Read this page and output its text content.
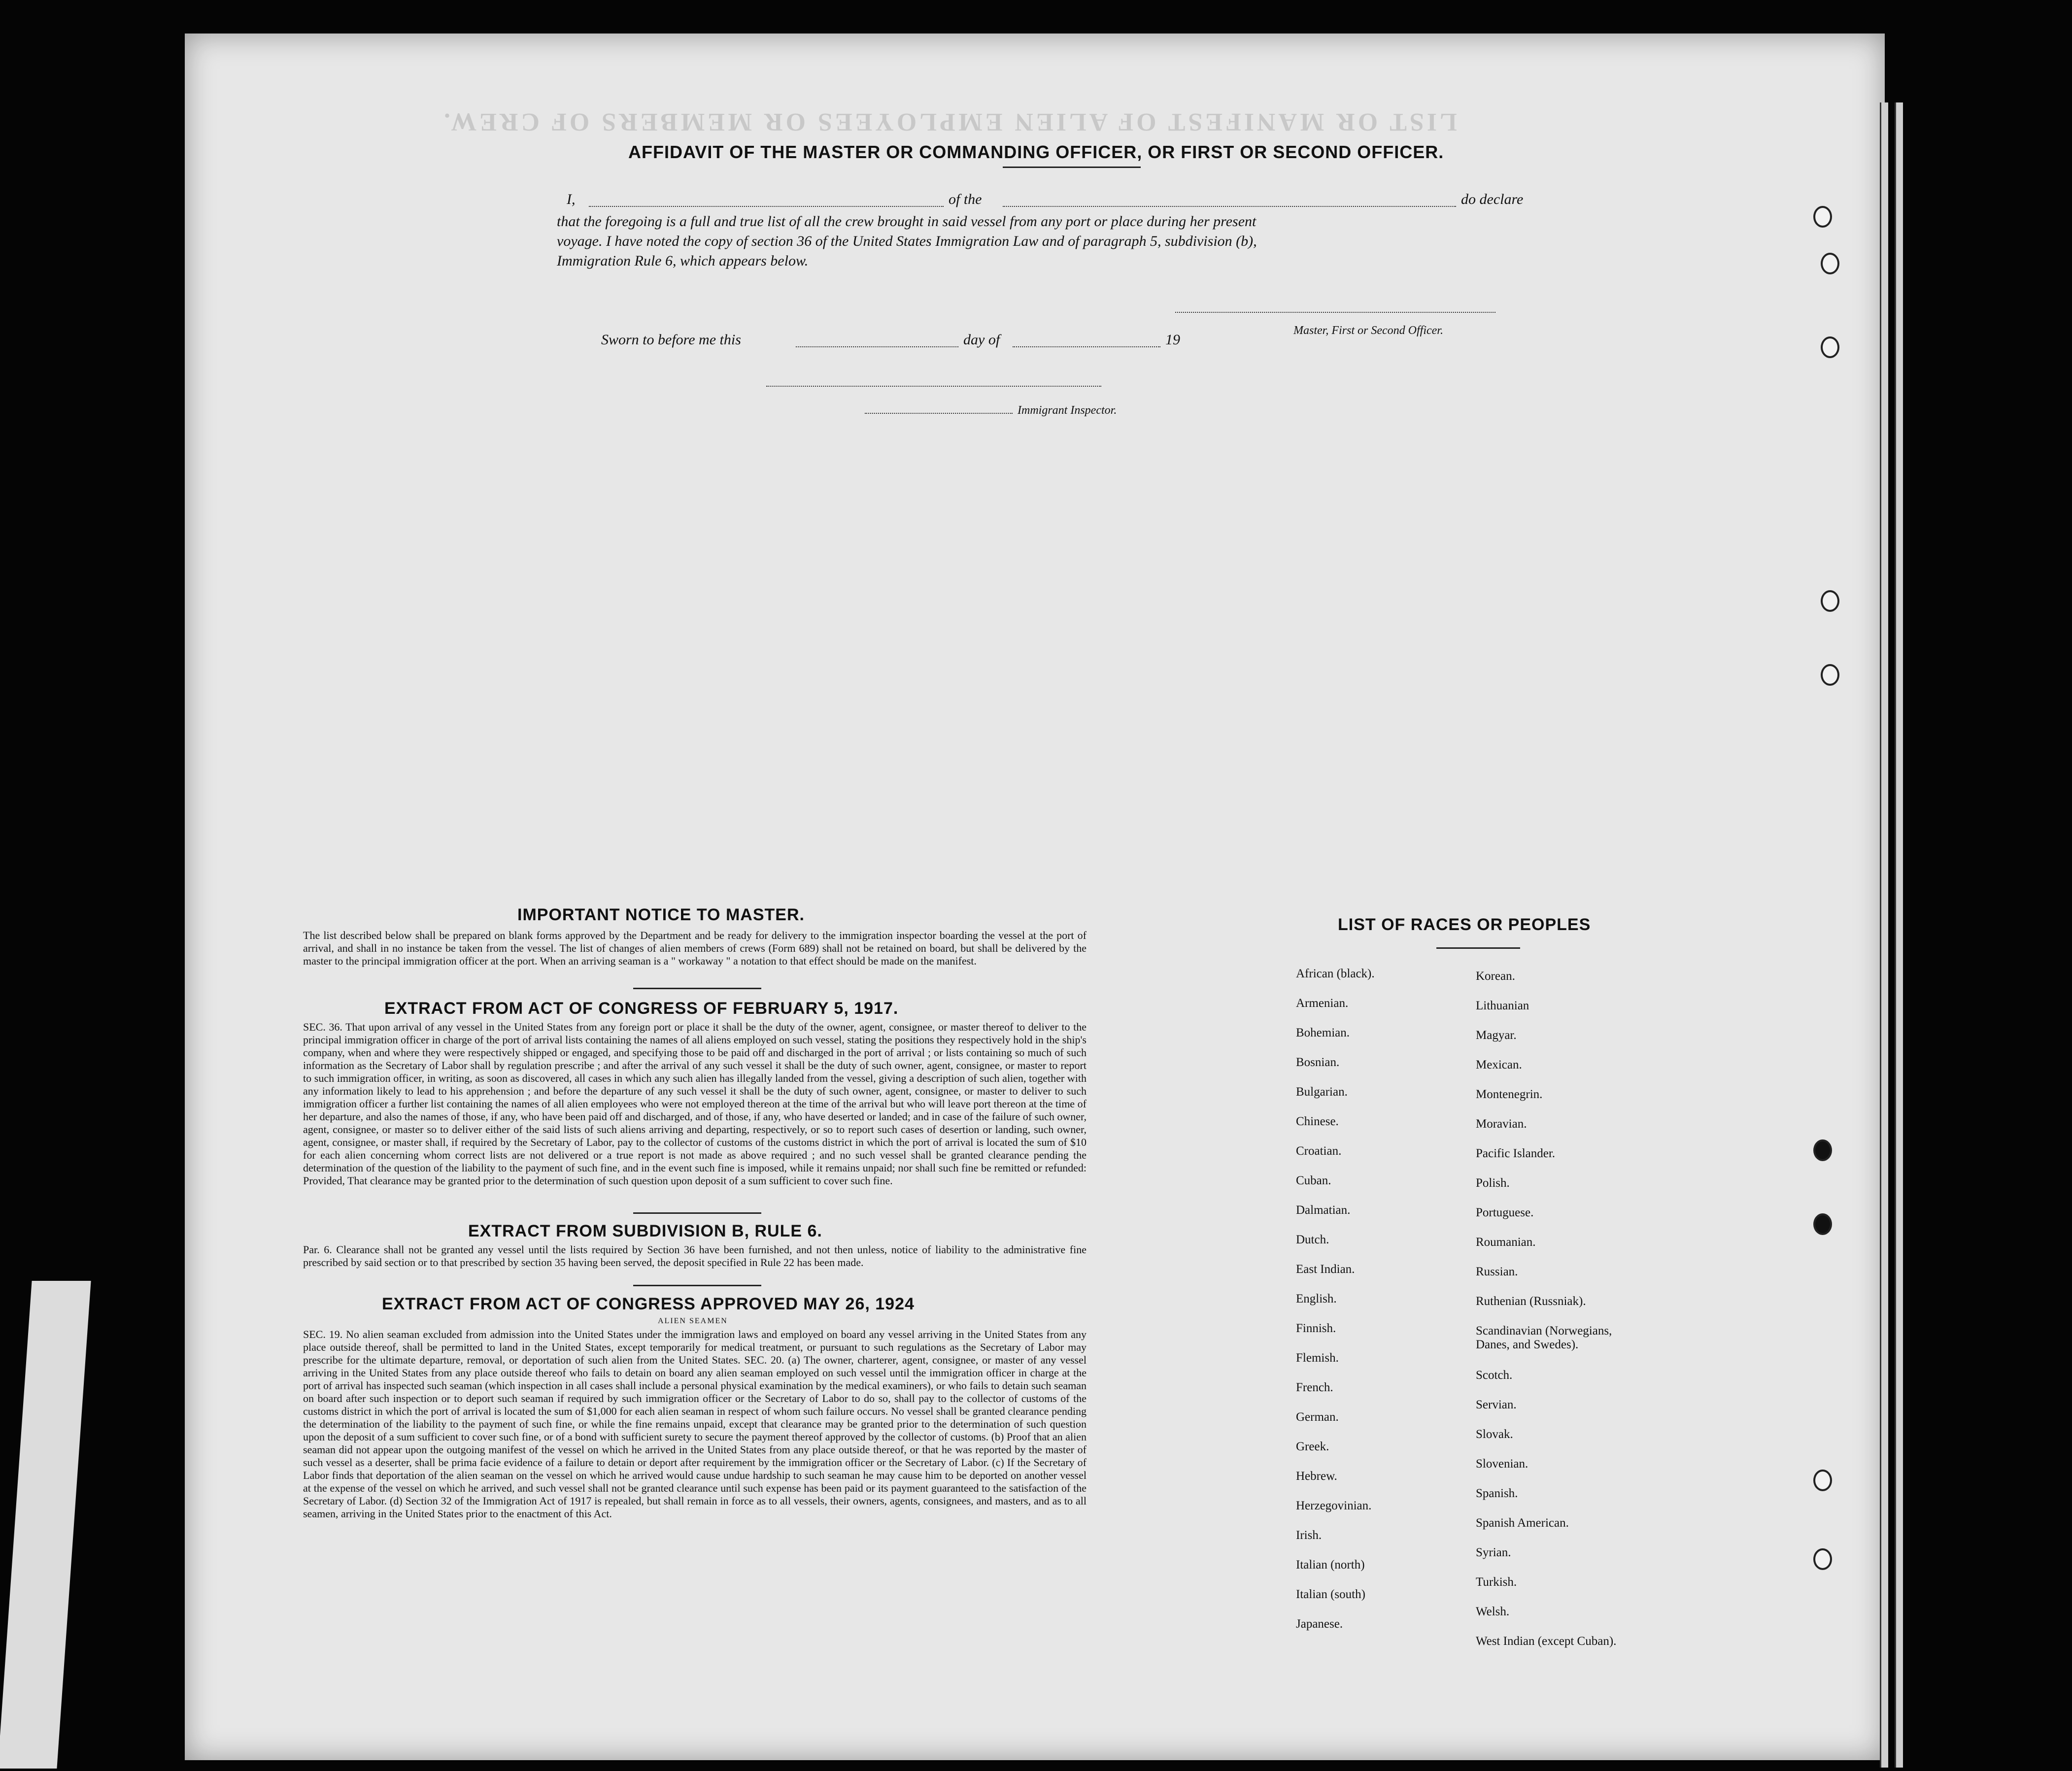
LIST OR MANIFEST OF ALIEN EMPLOYEES OR MEMBERS OF CREW.
AFFIDAVIT OF THE MASTER OR COMMANDING OFFICER, OR FIRST OR SECOND OFFICER.
I,	of the	do declare
that the foregoing is a full and true list of all the crew brought in said vessel from any port or place during her present
voyage. I have noted the copy of section 36 of the United States Immigration Law and of paragraph 5, subdivision (b),
Immigration Rule 6, which appears below.
Master, First or Second Officer.
Sworn to before me this	day of	19
Immigrant Inspector.
IMPORTANT NOTICE TO MASTER.
The list described below shall be prepared on blank forms approved by the Department and be ready for delivery to the immigration inspector boarding the vessel at the port of arrival, and shall in no instance be taken from the vessel. The list of changes of alien members of crews (Form 689) shall not be retained on board, but shall be delivered by the master to the principal immigration officer at the port. When an arriving seaman is a " workaway " a notation to that effect should be made on the manifest.
EXTRACT FROM ACT OF CONGRESS OF FEBRUARY 5, 1917.
SEC. 36. That upon arrival of any vessel in the United States from any foreign port or place it shall be the duty of the owner, agent, consignee, or master thereof to deliver to the principal immigration officer in charge of the port of arrival lists containing the names of all aliens employed on such vessel, stating the positions they respectively hold in the ship's company, when and where they were respectively shipped or engaged, and specifying those to be paid off and discharged in the port of arrival ; or lists containing so much of such information as the Secretary of Labor shall by regulation prescribe ; and after the arrival of any such vessel it shall be the duty of such owner, agent, consignee, or master to report to such immigration officer, in writing, as soon as discovered, all cases in which any such alien has illegally landed from the vessel, giving a description of such alien, together with any information likely to lead to his apprehension ; and before the departure of any such vessel it shall be the duty of such owner, agent, consignee, or master to deliver to such immigration officer a further list containing the names of all alien employees who were not employed thereon at the time of the arrival but who will leave port thereon at the time of her departure, and also the names of those, if any, who have been paid off and discharged, and of those, if any, who have deserted or landed; and in case of the failure of such owner, agent, consignee, or master so to deliver either of the said lists of such aliens arriving and departing, respectively, or so to report such cases of desertion or landing, such owner, agent, consignee, or master shall, if required by the Secretary of Labor, pay to the collector of customs of the customs district in which the port of arrival is located the sum of $10 for each alien concerning whom correct lists are not delivered or a true report is not made as above required ; and no such vessel shall be granted clearance pending the determination of the question of the liability to the payment of such fine, and in the event such fine is imposed, while it remains unpaid; nor shall such fine be remitted or refunded: Provided, That clearance may be granted prior to the determination of such question upon deposit of a sum sufficient to cover such fine.
EXTRACT FROM SUBDIVISION B, RULE 6.
Par. 6. Clearance shall not be granted any vessel until the lists required by Section 36 have been furnished, and not then unless, notice of liability to the administrative fine prescribed by said section or to that prescribed by section 35 having been served, the deposit specified in Rule 22 has been made.
EXTRACT FROM ACT OF CONGRESS APPROVED MAY 26, 1924
ALIEN SEAMEN
SEC. 19. No alien seaman excluded from admission into the United States under the immigration laws and employed on board any vessel arriving in the United States from any place outside thereof, shall be permitted to land in the United States, except temporarily for medical treatment, or pursuant to such regulations as the Secretary of Labor may prescribe for the ultimate departure, removal, or deportation of such alien from the United States. SEC. 20. (a) The owner, charterer, agent, consignee, or master of any vessel arriving in the United States from any place outside thereof who fails to detain on board any alien seaman employed on such vessel until the immigration officer in charge at the port of arrival has inspected such seaman (which inspection in all cases shall include a personal physical examination by the medical examiners), or who fails to detain such seaman on board after such inspection or to deport such seaman if required by such immigration officer or the Secretary of Labor to do so, shall pay to the collector of customs of the customs district in which the port of arrival is located the sum of $1,000 for each alien seaman in respect of whom such failure occurs. No vessel shall be granted clearance pending the determination of the liability to the payment of such fine, or while the fine remains unpaid, except that clearance may be granted prior to the determination of such question upon the deposit of a sum sufficient to cover such fine, or of a bond with sufficient surety to secure the payment thereof approved by the collector of customs. (b) Proof that an alien seaman did not appear upon the outgoing manifest of the vessel on which he arrived in the United States from any place outside thereof, or that he was reported by the master of such vessel as a deserter, shall be prima facie evidence of a failure to detain or deport after requirement by the immigration officer or the Secretary of Labor. (c) If the Secretary of Labor finds that deportation of the alien seaman on the vessel on which he arrived would cause undue hardship to such seaman he may cause him to be deported on another vessel at the expense of the vessel on which he arrived, and such vessel shall not be granted clearance until such expense has been paid or its payment guaranteed to the satisfaction of the Secretary of Labor. (d) Section 32 of the Immigration Act of 1917 is repealed, but shall remain in force as to all vessels, their owners, agents, consignees, and masters, and as to all seamen, arriving in the United States prior to the enactment of this Act.
LIST OF RACES OR PEOPLES
African (black).
Armenian.
Bohemian.
Bosnian.
Bulgarian.
Chinese.
Croatian.
Cuban.
Dalmatian.
Dutch.
East Indian.
English.
Finnish.
Flemish.
French.
German.
Greek.
Hebrew.
Herzegovinian.
Irish.
Italian (north)
Italian (south)
Japanese.
Korean.
Lithuanian
Magyar.
Mexican.
Montenegrin.
Moravian.
Pacific Islander.
Polish.
Portuguese.
Roumanian.
Russian.
Ruthenian (Russniak).
Scandinavian (Norwegians, Danes, and Swedes).
Scotch.
Servian.
Slovak.
Slovenian.
Spanish.
Spanish American.
Syrian.
Turkish.
Welsh.
West Indian (except Cuban).
